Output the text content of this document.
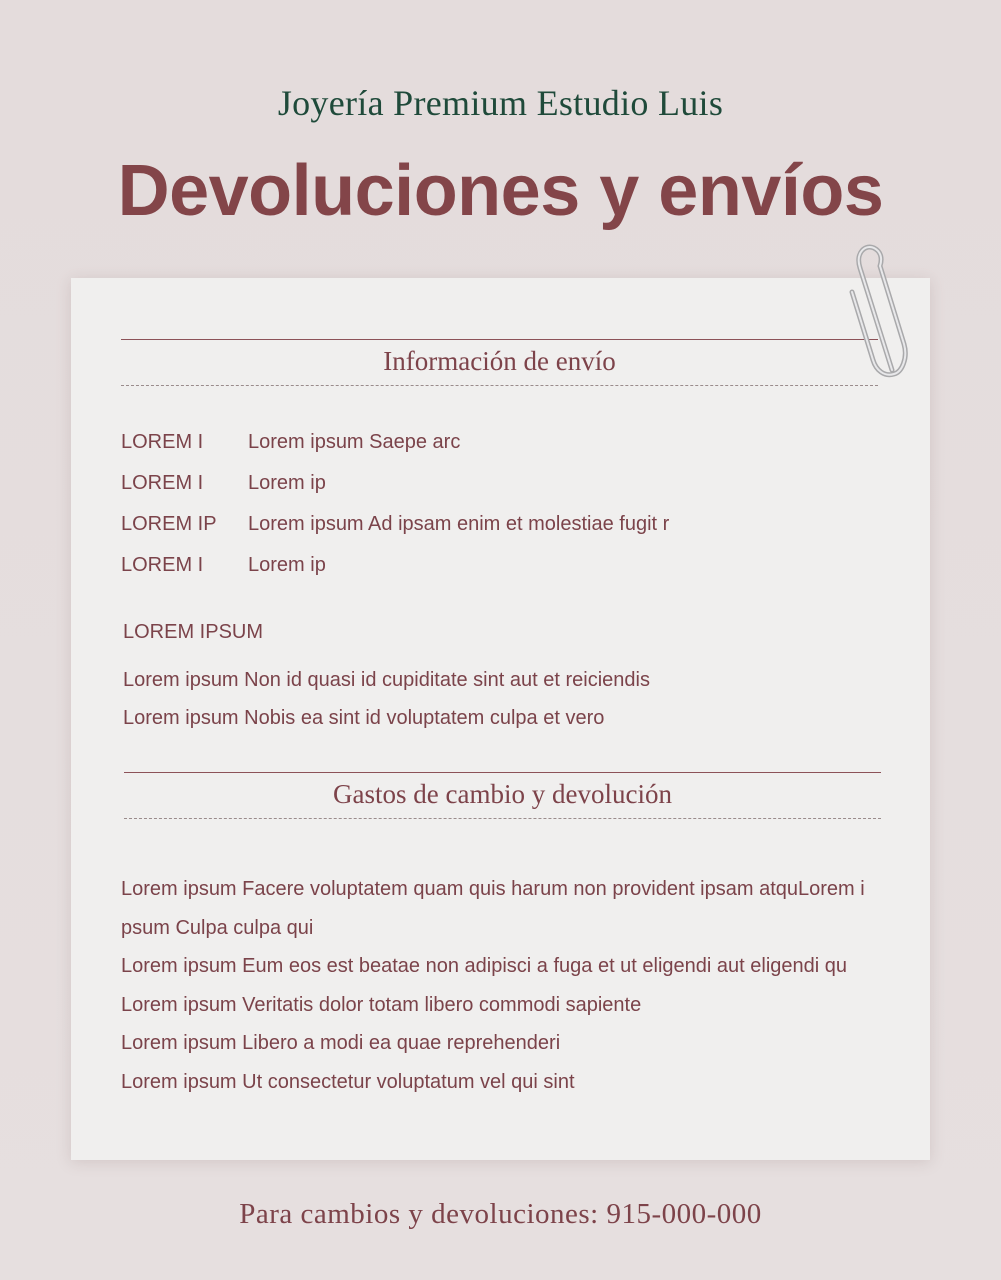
Joyería Premium Estudio Luis
Devoluciones y envíos
Información de envío
LOREM I Lorem ipsum Saepe arc
LOREM I Lorem ip
LOREM IP Lorem ipsum Ad ipsam enim et molestiae fugit r
LOREM I Lorem ip
LOREM IPSUM
Lorem ipsum Non id quasi id cupiditate sint aut et reiciendis
Lorem ipsum Nobis ea sint id voluptatem culpa et vero
Gastos de cambio y devolución
Lorem ipsum Facere voluptatem quam quis harum non provident ipsam atquLorem i
psum Culpa culpa qui
Lorem ipsum Eum eos est beatae non adipisci a fuga et ut eligendi aut eligendi qu
Lorem ipsum Veritatis dolor totam libero commodi sapiente
Lorem ipsum Libero a modi ea quae reprehenderi
Lorem ipsum Ut consectetur voluptatum vel qui sint
Para cambios y devoluciones: 915-000-000
